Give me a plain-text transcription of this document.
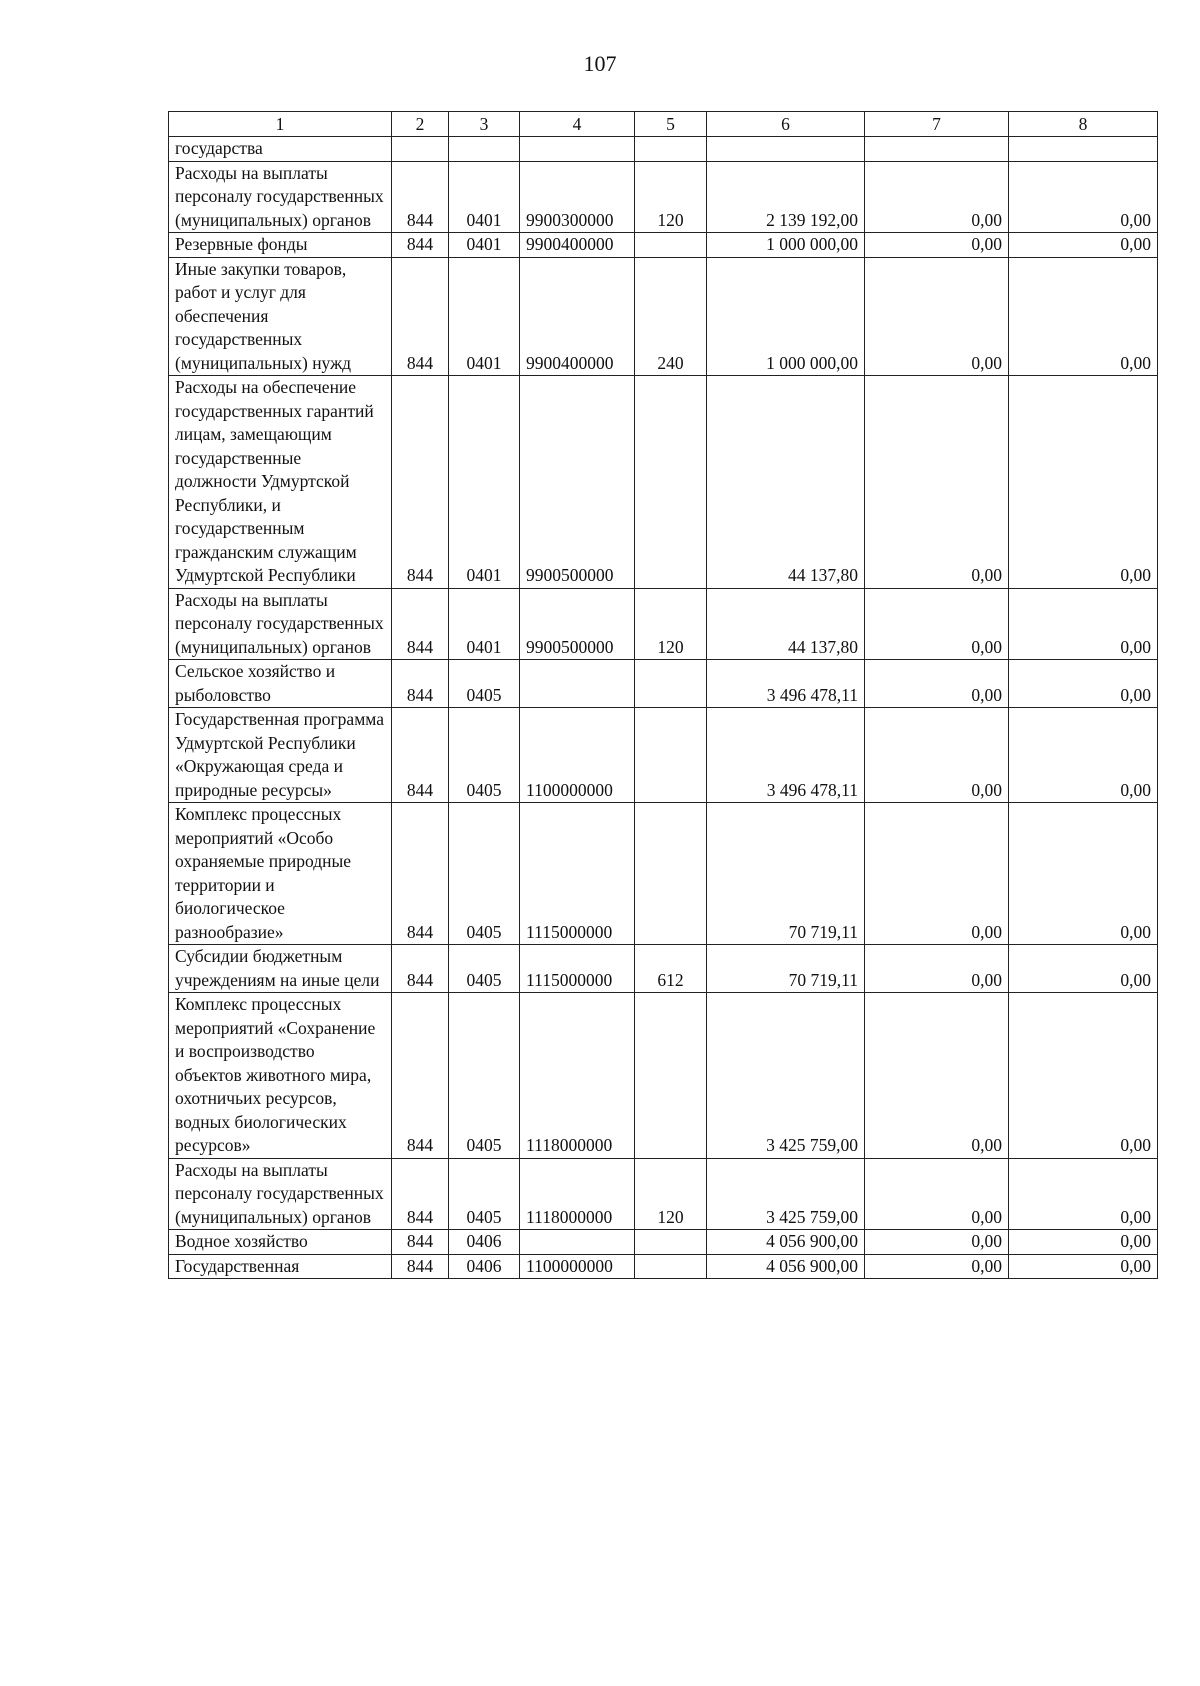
107
1	2	3	4	5	6	7	8
государства							
Расходы на выплаты персоналу государственных (муниципальных) органов	844	0401	9900300000	120	2 139 192,00	0,00	0,00
Резервные фонды	844	0401	9900400000		1 000 000,00	0,00	0,00
Иные закупки товаров, работ и услуг для обеспечения государственных (муниципальных) нужд	844	0401	9900400000	240	1 000 000,00	0,00	0,00
Расходы на обеспечение государственных гарантий лицам, замещающим государственные должности Удмуртской Республики, и государственным гражданским служащим Удмуртской Республики	844	0401	9900500000		44 137,80	0,00	0,00
Расходы на выплаты персоналу государственных (муниципальных) органов	844	0401	9900500000	120	44 137,80	0,00	0,00
Сельское хозяйство и рыболовство	844	0405			3 496 478,11	0,00	0,00
Государственная программа Удмуртской Республики «Окружающая среда и природные ресурсы»	844	0405	1100000000		3 496 478,11	0,00	0,00
Комплекс процессных мероприятий «Особо охраняемые природные территории и биологическое разнообразие»	844	0405	1115000000		70 719,11	0,00	0,00
Субсидии бюджетным учреждениям на иные цели	844	0405	1115000000	612	70 719,11	0,00	0,00
Комплекс процессных мероприятий «Сохранение и воспроизводство объектов животного мира, охотничьих ресурсов, водных биологических ресурсов»	844	0405	1118000000		3 425 759,00	0,00	0,00
Расходы на выплаты персоналу государственных (муниципальных) органов	844	0405	1118000000	120	3 425 759,00	0,00	0,00
Водное хозяйство	844	0406			4 056 900,00	0,00	0,00
Государственная	844	0406	1100000000		4 056 900,00	0,00	0,00
